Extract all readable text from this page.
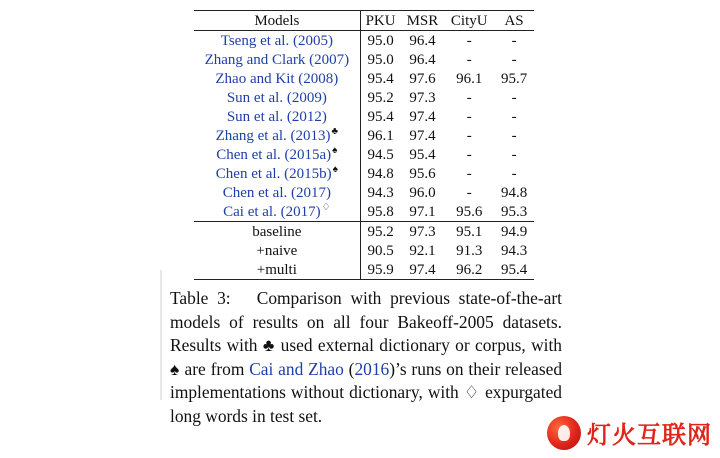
Models	PKU	MSR	CityU	AS
Tseng et al. (2005)	95.0	96.4	-	-
Zhang and Clark (2007)	95.0	96.4	-	-
Zhao and Kit (2008)	95.4	97.6	96.1	95.7
Sun et al. (2009)	95.2	97.3	-	-
Sun et al. (2012)	95.4	97.4	-	-
Zhang et al. (2013)♣	96.1	97.4	-	-
Chen et al. (2015a)♠	94.5	95.4	-	-
Chen et al. (2015b)♠	94.8	95.6	-	-
Chen et al. (2017)	94.3	96.0	-	94.8
Cai et al. (2017)♢	95.8	97.1	95.6	95.3
baseline	95.2	97.3	95.1	94.9
+naive	90.5	92.1	91.3	94.3
+multi	95.9	97.4	96.2	95.4

Table 3: Comparison with previous state-of-the-art models of results on all four Bakeoff-2005 datasets. Results with ♣ used external dictionary or corpus, with ♠ are from Cai and Zhao (2016)’s runs on their released implementations without dictionary, with ♢ expurgated long words in test set.

灯火互联网
